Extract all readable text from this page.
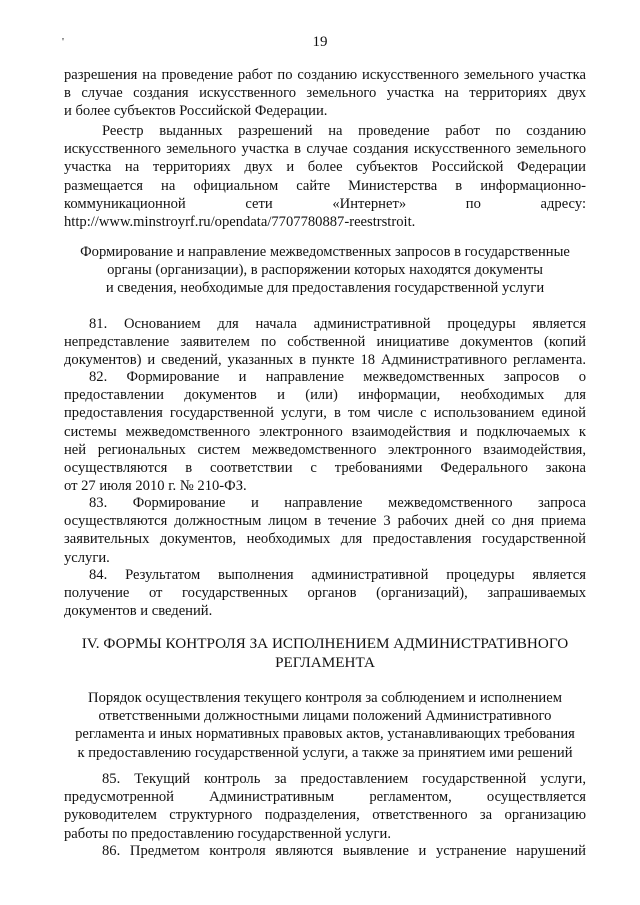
'	19
разрешения на проведение работ по созданию искусственного земельного участка
в случае создания искусственного земельного участка на территориях двух
и более субъектов Российской Федерации.
Реестр выданных разрешений на проведение работ по созданию
искусственного земельного участка в случае создания искусственного земельного
участка на территориях двух и более субъектов Российской Федерации
размещается на официальном сайте Министерства в информационно-
коммуникационной сети «Интернет» по адресу:
http://www.minstroyrf.ru/opendata/7707780887-reestrstroit.
Формирование и направление межведомственных запросов в государственные
органы (организации), в распоряжении которых находятся документы
и сведения, необходимые для предоставления государственной услуги
81. Основанием для начала административной процедуры является
непредставление заявителем по собственной инициативе документов (копий
документов) и сведений, указанных в пункте 18 Административного регламента.
82. Формирование и направление межведомственных запросов о
предоставлении документов и (или) информации, необходимых для
предоставления государственной услуги, в том числе с использованием единой
системы межведомственного электронного взаимодействия и подключаемых к
ней региональных систем межведомственного электронного взаимодействия,
осуществляются в соответствии с требованиями Федерального закона
от 27 июля 2010 г. № 210-ФЗ.
83. Формирование и направление межведомственного запроса
осуществляются должностным лицом в течение 3 рабочих дней со дня приема
заявительных документов, необходимых для предоставления государственной
услуги.
84. Результатом выполнения административной процедуры является
получение от государственных органов (организаций), запрашиваемых
документов и сведений.
IV. ФОРМЫ КОНТРОЛЯ ЗА ИСПОЛНЕНИЕМ АДМИНИСТРАТИВНОГО
РЕГЛАМЕНТА
Порядок осуществления текущего контроля за соблюдением и исполнением
ответственными должностными лицами положений Административного
регламента и иных нормативных правовых актов, устанавливающих требования
к предоставлению государственной услуги, а также за принятием ими решений
85. Текущий контроль за предоставлением государственной услуги,
предусмотренной Административным регламентом, осуществляется
руководителем структурного подразделения, ответственного за организацию
работы по предоставлению государственной услуги.
86. Предметом контроля являются выявление и устранение нарушений
